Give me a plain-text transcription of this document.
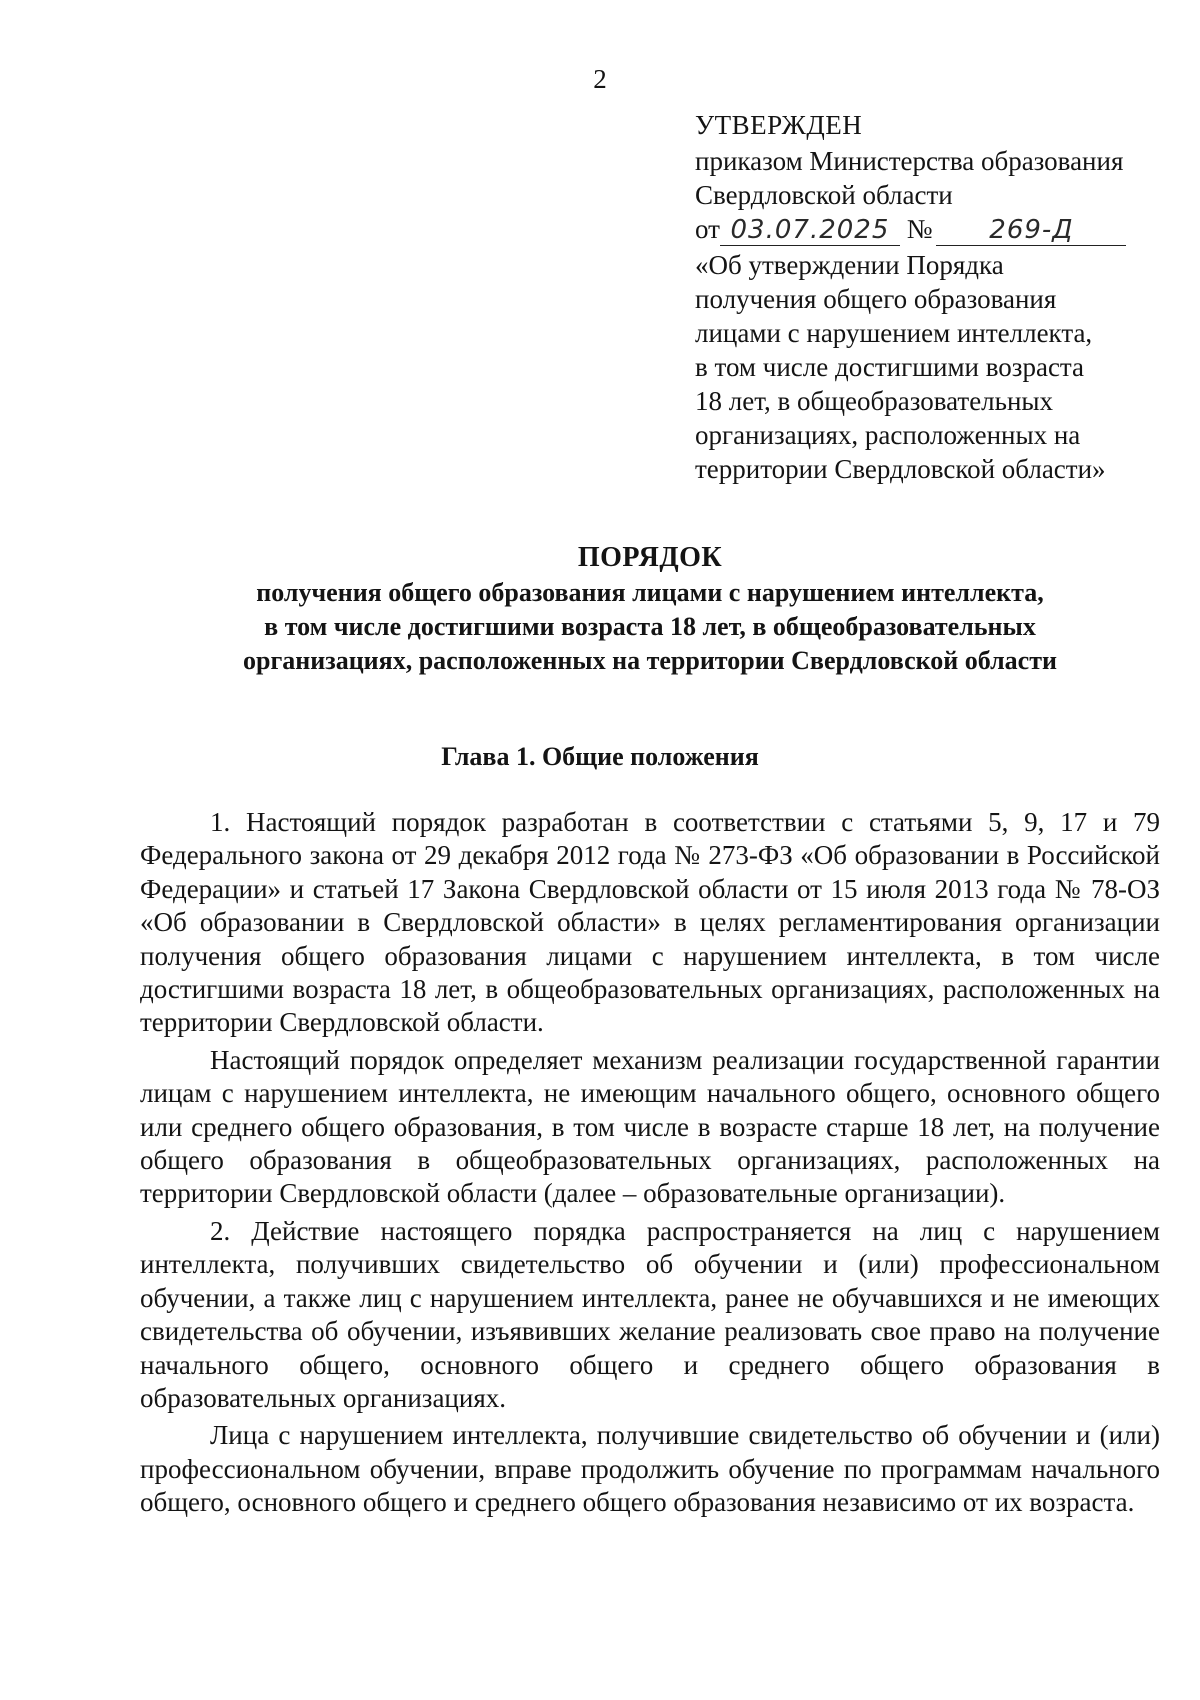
2
УТВЕРЖДЕН
приказом Министерства образования
Свердловской области
от 03.07.2025 № 269-Д
«Об утверждении Порядка
получения общего образования
лицами с нарушением интеллекта,
в том числе достигшими возраста
18 лет, в общеобразовательных
организациях, расположенных на
территории Свердловской области»
ПОРЯДОК
получения общего образования лицами с нарушением интеллекта,
в том числе достигшими возраста 18 лет, в общеобразовательных
организациях, расположенных на территории Свердловской области
Глава 1. Общие положения

1. Настоящий порядок разработан в соответствии с статьями 5, 9, 17 и 79 Федерального закона от 29 декабря 2012 года № 273-ФЗ «Об образовании в Российской Федерации» и статьей 17 Закона Свердловской области от 15 июля 2013 года № 78-ОЗ «Об образовании в Свердловской области» в целях регламентирования организации получения общего образования лицами с нарушением интеллекта, в том числе достигшими возраста 18 лет, в общеобразовательных организациях, расположенных на территории Свердловской области.

Настоящий порядок определяет механизм реализации государственной гарантии лицам с нарушением интеллекта, не имеющим начального общего, основного общего или среднего общего образования, в том числе в возрасте старше 18 лет, на получение общего образования в общеобразовательных организациях, расположенных на территории Свердловской области (далее – образовательные организации).

2. Действие настоящего порядка распространяется на лиц с нарушением интеллекта, получивших свидетельство об обучении и (или) профессиональном обучении, а также лиц с нарушением интеллекта, ранее не обучавшихся и не имеющих свидетельства об обучении, изъявивших желание реализовать свое право на получение начального общего, основного общего и среднего общего образования в образовательных организациях.

Лица с нарушением интеллекта, получившие свидетельство об обучении и (или) профессиональном обучении, вправе продолжить обучение по программам начального общего, основного общего и среднего общего образования независимо от их возраста.
